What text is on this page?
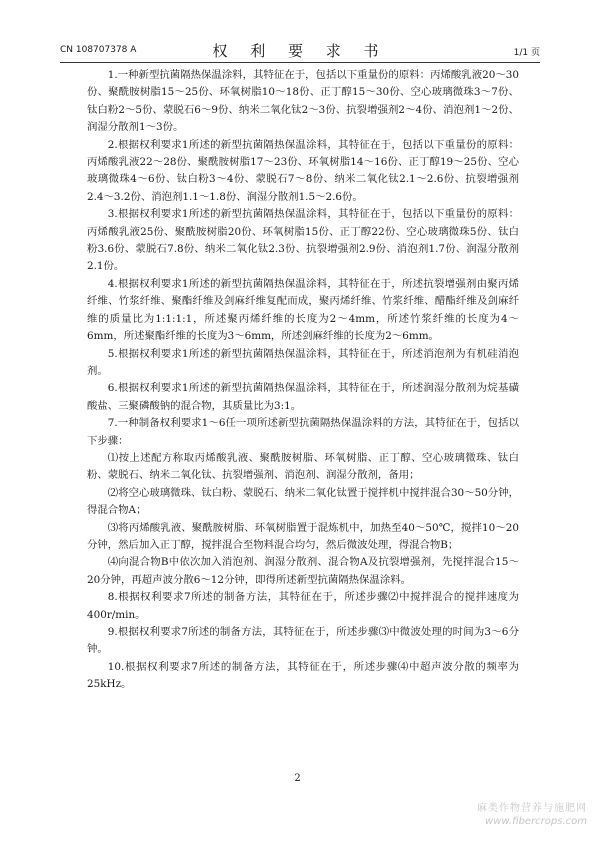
CN 108707378 A	权 利 要 求 书	1/1 页

1.一种新型抗菌隔热保温涂料，其特征在于，包括以下重量份的原料：丙烯酸乳液20～30份、聚酰胺树脂15～25份、环氧树脂10～18份、正丁醇15～30份、空心玻璃微珠3～7份、钛白粉2～5份、蒙脱石6～9份、纳米二氧化钛2～3份、抗裂增强剂2～4份、消泡剂1～2份、润湿分散剂1～3份。

2.根据权利要求1所述的新型抗菌隔热保温涂料，其特征在于，包括以下重量份的原料：丙烯酸乳液22～28份、聚酰胺树脂17～23份、环氧树脂14～16份、正丁醇19～25份、空心玻璃微珠4～6份、钛白粉3～4份、蒙脱石7～8份、纳米二氧化钛2.1～2.6份、抗裂增强剂2.4～3.2份、消泡剂1.1～1.8份、润湿分散剂1.5～2.6份。

3.根据权利要求1所述的新型抗菌隔热保温涂料，其特征在于，包括以下重量份的原料：丙烯酸乳液25份、聚酰胺树脂20份、环氧树脂15份、正丁醇22份、空心玻璃微珠5份、钛白粉3.6份、蒙脱石7.8份、纳米二氧化钛2.3份、抗裂增强剂2.9份、消泡剂1.7份、润湿分散剂2.1份。

4.根据权利要求1所述的新型抗菌隔热保温涂料，其特征在于，所述抗裂增强剂由聚丙烯纤维、竹浆纤维、聚酯纤维及剑麻纤维复配而成，聚丙烯纤维、竹浆纤维、醋酯纤维及剑麻纤维的质量比为1:1:1:1，所述聚丙烯纤维的长度为2～4mm，所述竹浆纤维的长度为4～6mm，所述聚酯纤维的长度为3～6mm，所述剑麻纤维的长度为2～6mm。

5.根据权利要求1所述的新型抗菌隔热保温涂料，其特征在于，所述消泡剂为有机硅消泡剂。

6.根据权利要求1所述的新型抗菌隔热保温涂料，其特征在于，所述润湿分散剂为烷基磺酸盐、三聚磷酸钠的混合物，其质量比为3:1。

7.一种制备权利要求1～6任一项所述新型抗菌隔热保温涂料的方法，其特征在于，包括以下步骤：

⑴按上述配方称取丙烯酸乳液、聚酰胺树脂、环氧树脂、正丁醇、空心玻璃微珠、钛白粉、蒙脱石、纳米二氧化钛、抗裂增强剂、消泡剂、润湿分散剂，备用；

⑵将空心玻璃微珠、钛白粉、蒙脱石、纳米二氧化钛置于搅拌机中搅拌混合30～50分钟，得混合物A；

⑶将丙烯酸乳液、聚酰胺树脂、环氧树脂置于混炼机中，加热至40～50℃，搅拌10～20分钟，然后加入正丁醇，搅拌混合至物料混合均匀，然后微波处理，得混合物B；

⑷向混合物B中依次加入消泡剂、润湿分散剂、混合物A及抗裂增强剂，先搅拌混合15～20分钟，再超声波分散6～12分钟，即得所述新型抗菌隔热保温涂料。

8.根据权利要求7所述的制备方法，其特征在于，所述步骤⑵中搅拌混合的搅拌速度为400r/min。

9.根据权利要求7所述的制备方法，其特征在于，所述步骤⑶中微波处理的时间为3～6分钟。

10.根据权利要求7所述的制备方法，其特征在于，所述步骤⑷中超声波分散的频率为25kHz。

2
麻类作物营养与施肥网
www.fibercrops.com
